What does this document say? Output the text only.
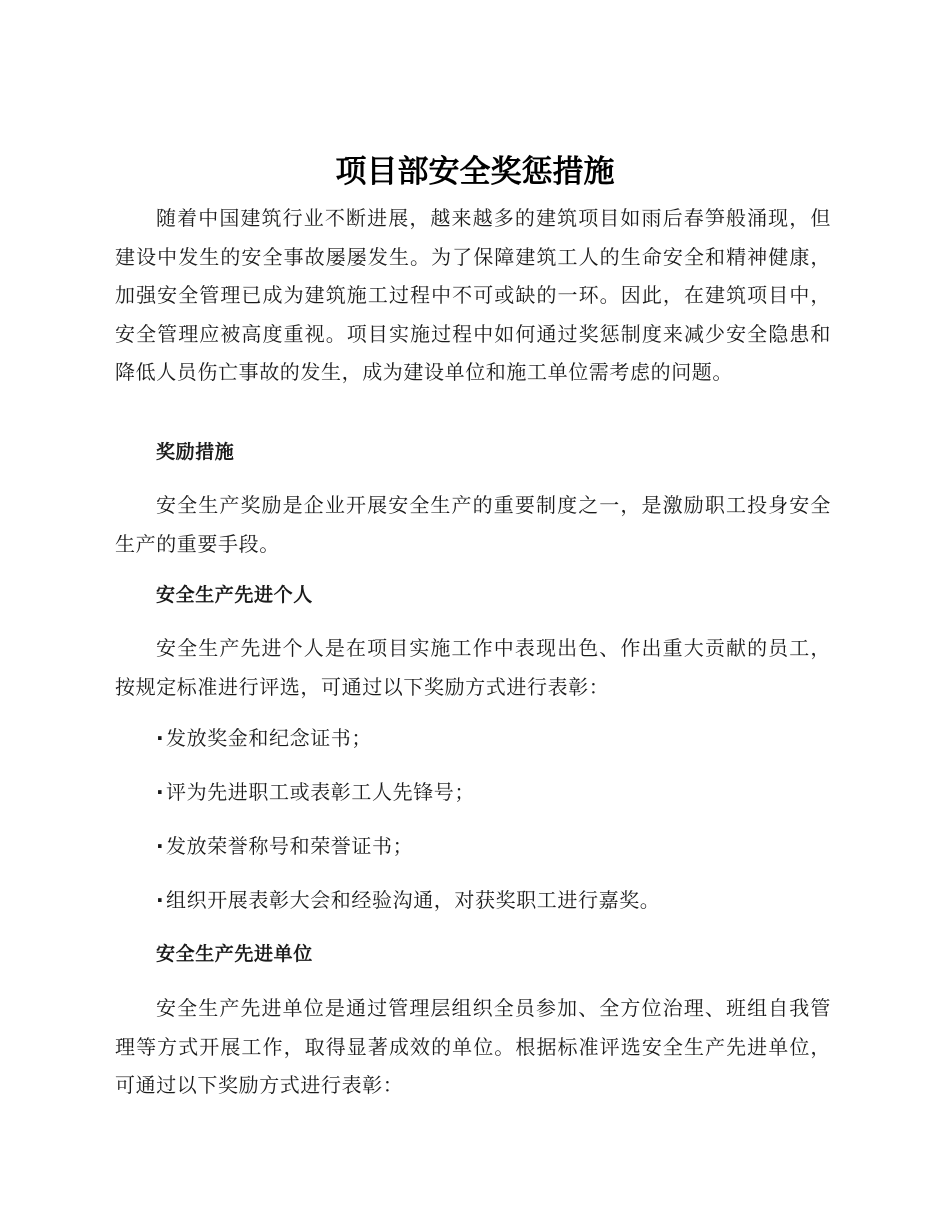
项目部安全奖惩措施

随着中国建筑行业不断进展，越来越多的建筑项目如雨后春笋般涌现，但建设中发生的安全事故屡屡发生。为了保障建筑工人的生命安全和精神健康，加强安全管理已成为建筑施工过程中不可或缺的一环。因此，在建筑项目中，安全管理应被高度重视。项目实施过程中如何通过奖惩制度来减少安全隐患和降低人员伤亡事故的发生，成为建设单位和施工单位需考虑的问题。

奖励措施

安全生产奖励是企业开展安全生产的重要制度之一，是激励职工投身安全生产的重要手段。

安全生产先进个人

安全生产先进个人是在项目实施工作中表现出色、作出重大贡献的员工，按规定标准进行评选，可通过以下奖励方式进行表彰：

·发放奖金和纪念证书；
·评为先进职工或表彰工人先锋号；
·发放荣誉称号和荣誉证书；
·组织开展表彰大会和经验沟通，对获奖职工进行嘉奖。
安全生产先进单位

安全生产先进单位是通过管理层组织全员参加、全方位治理、班组自我管理等方式开展工作，取得显著成效的单位。根据标准评选安全生产先进单位，可通过以下奖励方式进行表彰：
